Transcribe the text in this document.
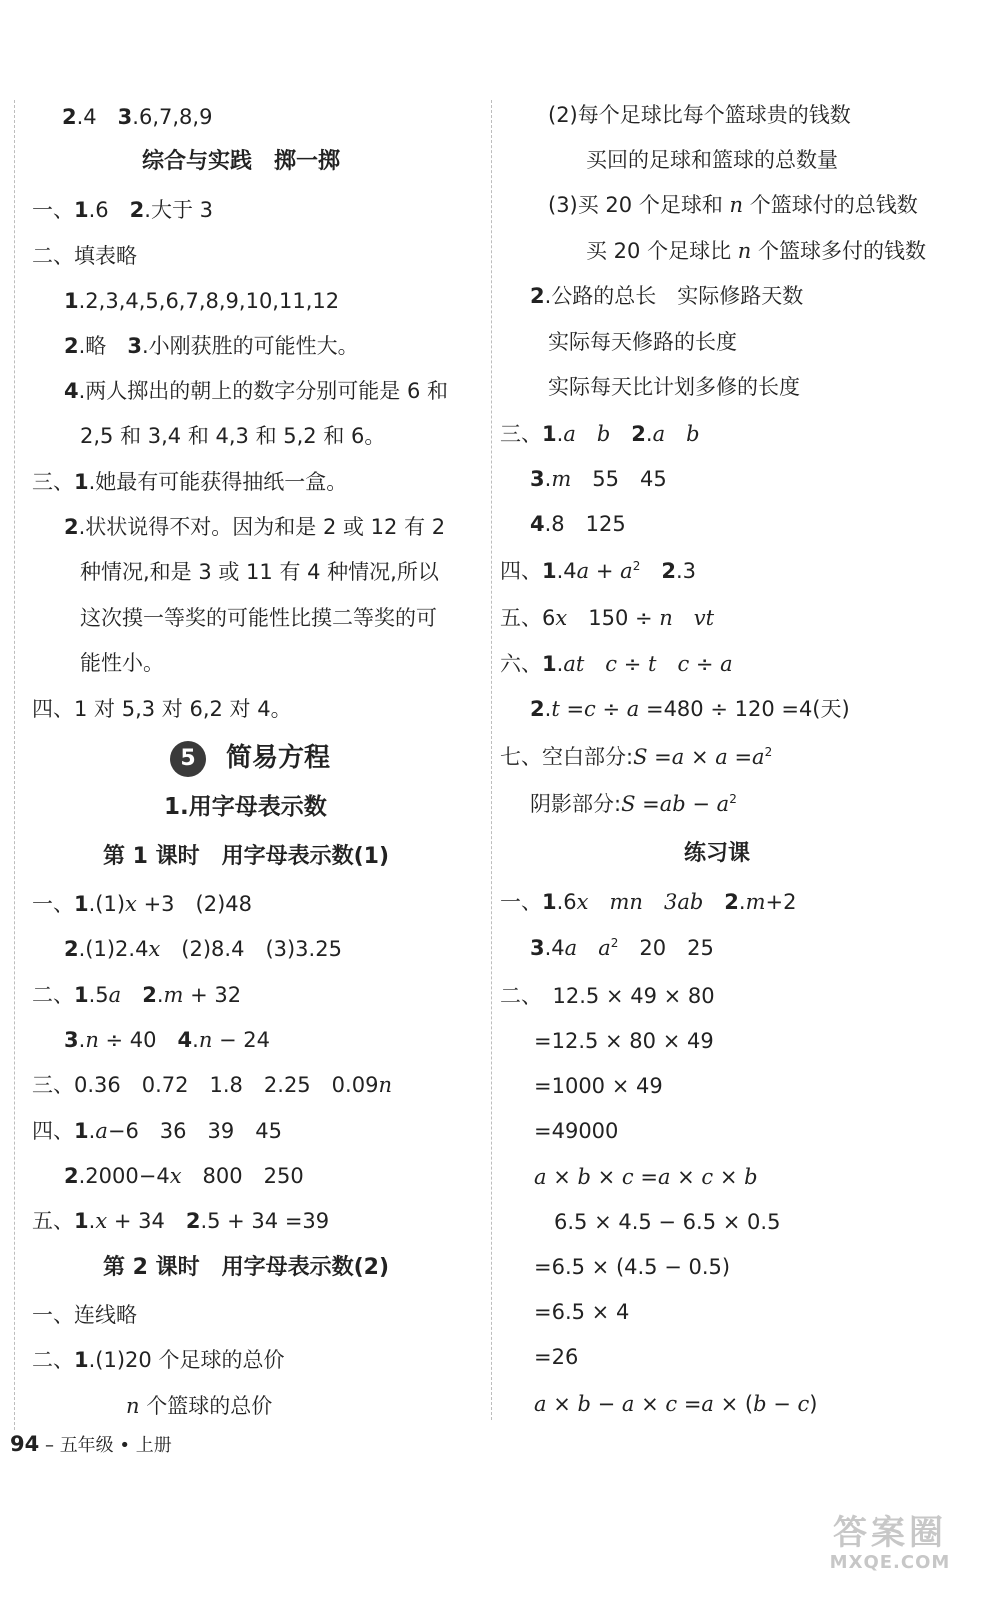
2.4　3.6,7,8,9
综合与实践　掷一掷
一、1.6　2.大于 3
二、填表略
1.2,3,4,5,6,7,8,9,10,11,12
2.略　3.小刚获胜的可能性大。
4.两人掷出的朝上的数字分别可能是 6 和
2,5 和 3,4 和 4,3 和 5,2 和 6。
三、1.她最有可能获得抽纸一盒。
2.状状说得不对。因为和是 2 或 12 有 2
种情况,和是 3 或 11 有 4 种情况,所以
这次摸一等奖的可能性比摸二等奖的可
能性小。
四、1 对 5,3 对 6,2 对 4。
5 简易方程
1.用字母表示数
第 1 课时　用字母表示数(1)
一、1.(1)x +3　(2)48
2.(1)2.4x　(2)8.4　(3)3.25
二、1.5a　 2.m + 32
3.n ÷ 40　4.n − 24
三、0.36　0.72　1.8　2.25　0.09n
四、1.a−6　36　39　45
2.2000−4x　800　250
五、1.x + 34　2.5 + 34 =39
第 2 课时　用字母表示数(2)
一、连线略
二、1.(1)20 个足球的总价
n 个篮球的总价
(2)每个足球比每个篮球贵的钱数
买回的足球和篮球的总数量
(3)买 20 个足球和 n 个篮球付的总钱数
买 20 个足球比 n 个篮球多付的钱数
2.公路的总长　实际修路天数
实际每天修路的长度
实际每天比计划多修的长度
三、1.a　b　 2.a　b
3.m　55　45
4.8　125
四、$1.4a + a^2$　 2.3
五、6x　150 ÷ n　 vt
六、1.at　 c ÷ t　 c ÷ a
2.t =c ÷ a =480 ÷ 120 =4(天)
七、空白部分:S $=a \times a =a^2$
阴影部分:S $=ab - a^2$
练习课
一、1.6x　mn　3ab　 2.m+2
3.4a　 $a^2$　20　25
二、　12.5 × 49 × 80
=12.5 × 80 × 49
=1000 × 49
=49000
a × b × c =a × c × b
6.5 × 4.5 − 6.5 × 0.5
=6.5 × (4.5 − 0.5)
=6.5 × 4
=26
a × b − a × c =a × (b − c)
94 – 五年级 • 上册
答案圈
MXQE.COM
